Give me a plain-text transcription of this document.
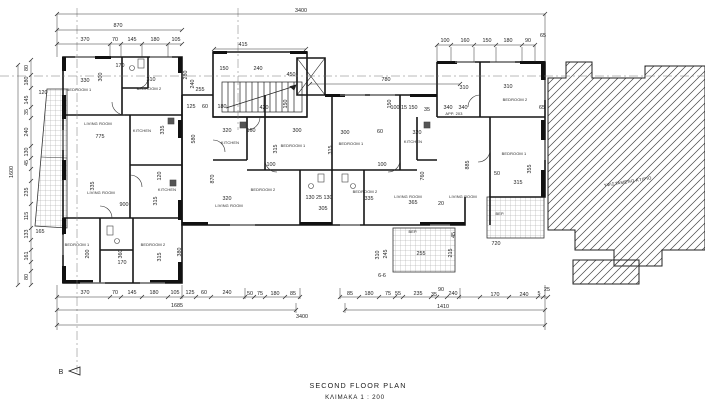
ΥΦΙΣΤΑΜΕΝΟ ΚΤΙΡΙΟ
3400
870
370	70 145	180 105
415
100 160 150 180 90
65
780
1600
80
180
145
35
240
130
45
235
115
133
161
80
120
165
330
170
310
300	280
240
255
775
335
580
900
335
315
120
360
170
315
380
200
150	240
450
125 60 180	420	150
870
320	160	300	300
315	315
100	100
335
320	130 25 130
305
365	20
760
885
150
100 15 150 35	340
60	320
310	310
340	65
355
50
315
720
245
310	255	215
45
370	70 145 180 105 125 60	240	50 75 180 85	85 180 75 55 235 35
90
240	170	240 5
25
1685	1410
3400
6-6
BEDROOM 1	BEDROOM 2
LIVING ROOM
KITCHEN
LIVING ROOM
KITCHEN
BEDROOM 1	BEDROOM 2
KITCHEN
BEDROOM 1
BEDROOM 2
LIVING ROOM
BEDROOM 1	KITCHEN
BEDROOM 2
LIVING ROOM
BEDROOM 2
BEDROOM 1
LIVING ROOM
ΒΕΡ.
ΒΕΡ.
APP. 203
B
SECOND FLOOR PLAN
ΚΛΙΜΑΚΑ 1 : 200
